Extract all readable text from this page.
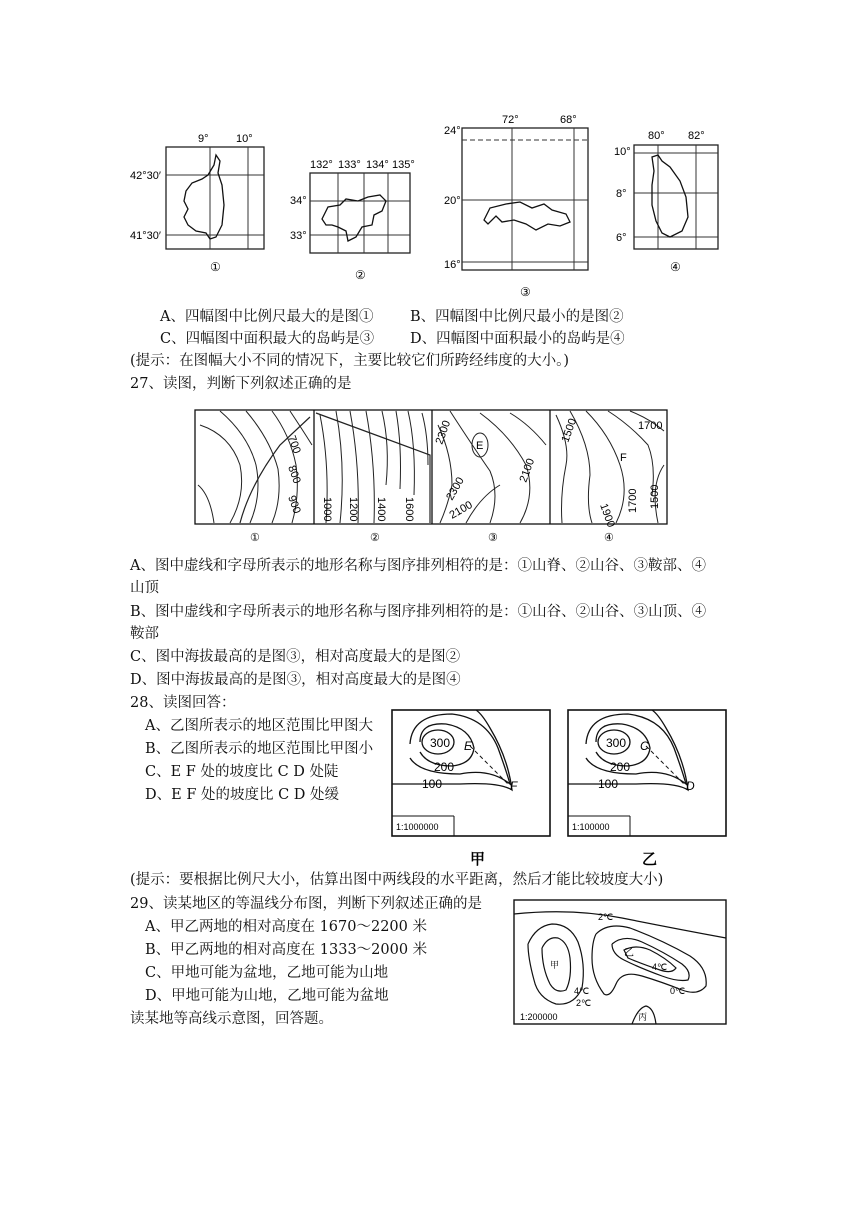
9° 10°
42°30′
41°30′
①
132° 133° 134° 135°
34°
33°
②
72°	68°
24°
20°
16°
③
80° 82°
10°
8°
6°
④
A、四幅图中比例尺最大的是图①	B、四幅图中比例尺最小的是图②
C、四幅图中面积最大的岛屿是③ D、四幅图中面积最小的岛屿是④
(提示：在图幅大小不同的情况下，主要比较它们所跨经纬度的大小。)
27、读图，判断下列叙述正确的是
700
800
900 1000 1200 1400 1600
2300
2100
2300
2100
E
1500	1700
1700
1900
1500
F
①	②	③	④
A、图中虚线和字母所表示的地形名称与图序排列相符的是：①山脊、②山谷、③鞍部、④
山顶
B、图中虚线和字母所表示的地形名称与图序排列相符的是：①山谷、②山谷、③山顶、④
鞍部
C、图中海拔最高的是图③，相对高度最大的是图②
D、图中海拔最高的是图③，相对高度最大的是图④
28、读图回答：
A、乙图所表示的地区范围比甲图大
B、乙图所表示的地区范围比甲图小
C、E F 处的坡度比 C D 处陡
D、E F 处的坡度比 C D 处缓
300
200
100
E
F
1:1000000
甲
300
200
100
C
D
1:100000
乙
(提示：要根据比例尺大小，估算出图中两线段的水平距离，然后才能比较坡度大小)
29、读某地区的等温线分布图，判断下列叙述正确的是
A、甲乙两地的相对高度在 1670～2200 米
B、甲乙两地的相对高度在 1333～2000 米
C、甲地可能为盆地，乙地可能为山地
D、甲地可能为山地，乙地可能为盆地
读某地等高线示意图，回答题。
2℃
甲
4℃
2℃
乙
4℃
0℃
1:200000	丙
